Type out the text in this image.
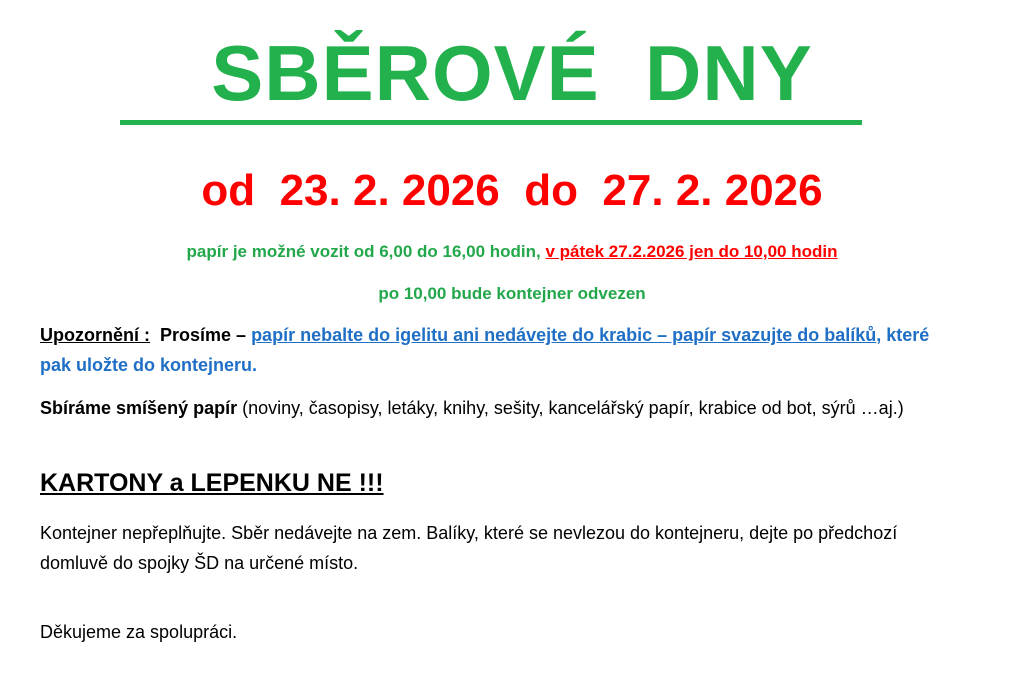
SBĚROVÉ  DNY
od  23. 2. 2026  do  27. 2. 2026
papír je možné vozit od 6,00 do 16,00 hodin, v pátek 27.2.2026 jen do 10,00 hodin
po 10,00 bude kontejner odvezen
Upozornění :  Prosíme – papír nebalte do igelitu ani nedávejte do krabic – papír svazujte do balíků, které pak uložte do kontejneru.
Sbíráme smíšený papír (noviny, časopisy, letáky, knihy, sešity, kancelářský papír, krabice od bot, sýrů …aj.)
KARTONY a LEPENKU NE !!!
Kontejner nepřeplňujte. Sběr nedávejte na zem. Balíky, které se nevlezou do kontejneru, dejte po předchozí domluvě do spojky ŠD na určené místo.
Děkujeme za spolupráci.
